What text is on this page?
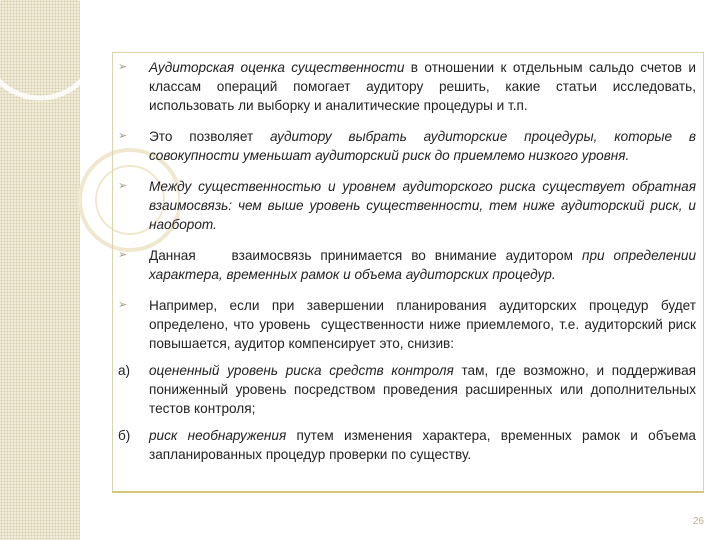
➢	Аудиторская оценка существенности в отношении к отдельным сальдо счетов и классам операций помогает аудитору решить, какие статьи исследовать, использовать ли выборку и аналитические процедуры и т.п.
➢	Это позволяет аудитору выбрать аудиторские процедуры, которые в совокупности уменьшат аудиторский риск до приемлемо низкого уровня.
➢	Между существенностью и уровнем аудиторского риска существует обратная взаимосвязь: чем выше уровень существенности, тем ниже аудиторский риск, и наоборот.
➢	Данная    взаимосвязь принимается во внимание аудитором при определении характера, временных рамок и объема аудиторских процедур.
➢	Например, если при завершении планирования аудиторских процедур будет определено, что уровень  существенности ниже приемлемого, т.е. аудиторский риск повышается, аудитор компенсирует это, снизив:
а)	оцененный уровень риска средств контроля там, где возможно, и поддерживая пониженный уровень посредством проведения расширенных или дополнительных тестов контроля;
б)	риск необнаружения путем изменения характера, временных рамок и объема запланированных процедур проверки по существу.
26
